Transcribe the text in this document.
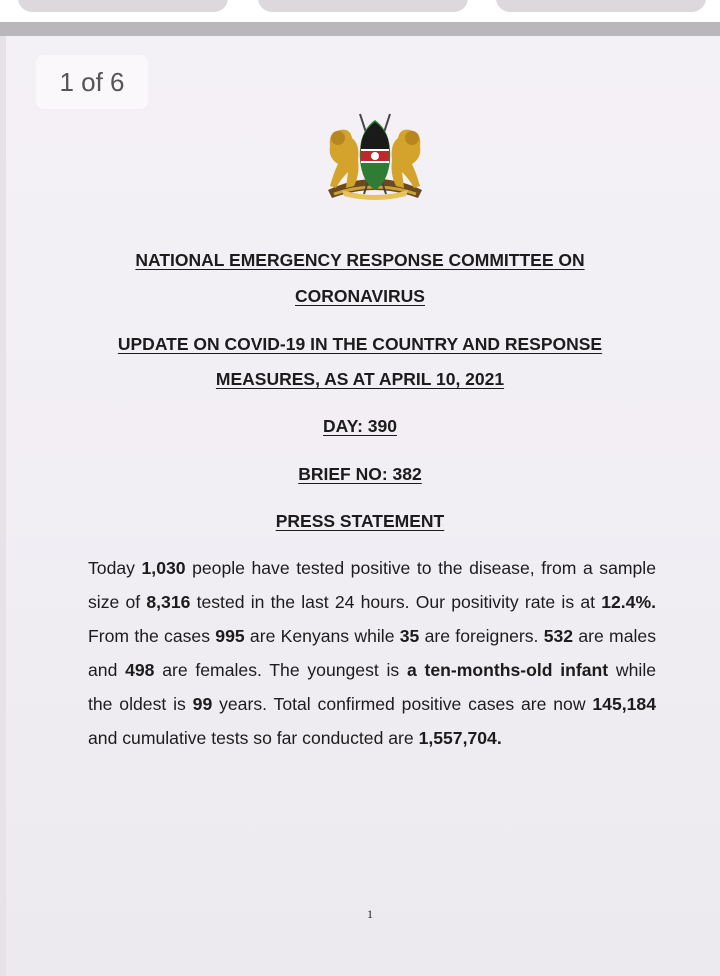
1 of 6
NATIONAL EMERGENCY RESPONSE COMMITTEE ON
CORONAVIRUS
UPDATE ON COVID-19 IN THE COUNTRY AND RESPONSE
MEASURES, AS AT APRIL 10, 2021
DAY: 390
BRIEF NO: 382
PRESS STATEMENT
Today 1,030 people have tested positive to the disease, from a sample size of 8,316 tested in the last 24 hours. Our positivity rate is at 12.4%. From the cases 995 are Kenyans while 35 are foreigners. 532 are males and 498 are females. The youngest is a ten-months-old infant while the oldest is 99 years. Total confirmed positive cases are now 145,184 and cumulative tests so far conducted are 1,557,704.
1
